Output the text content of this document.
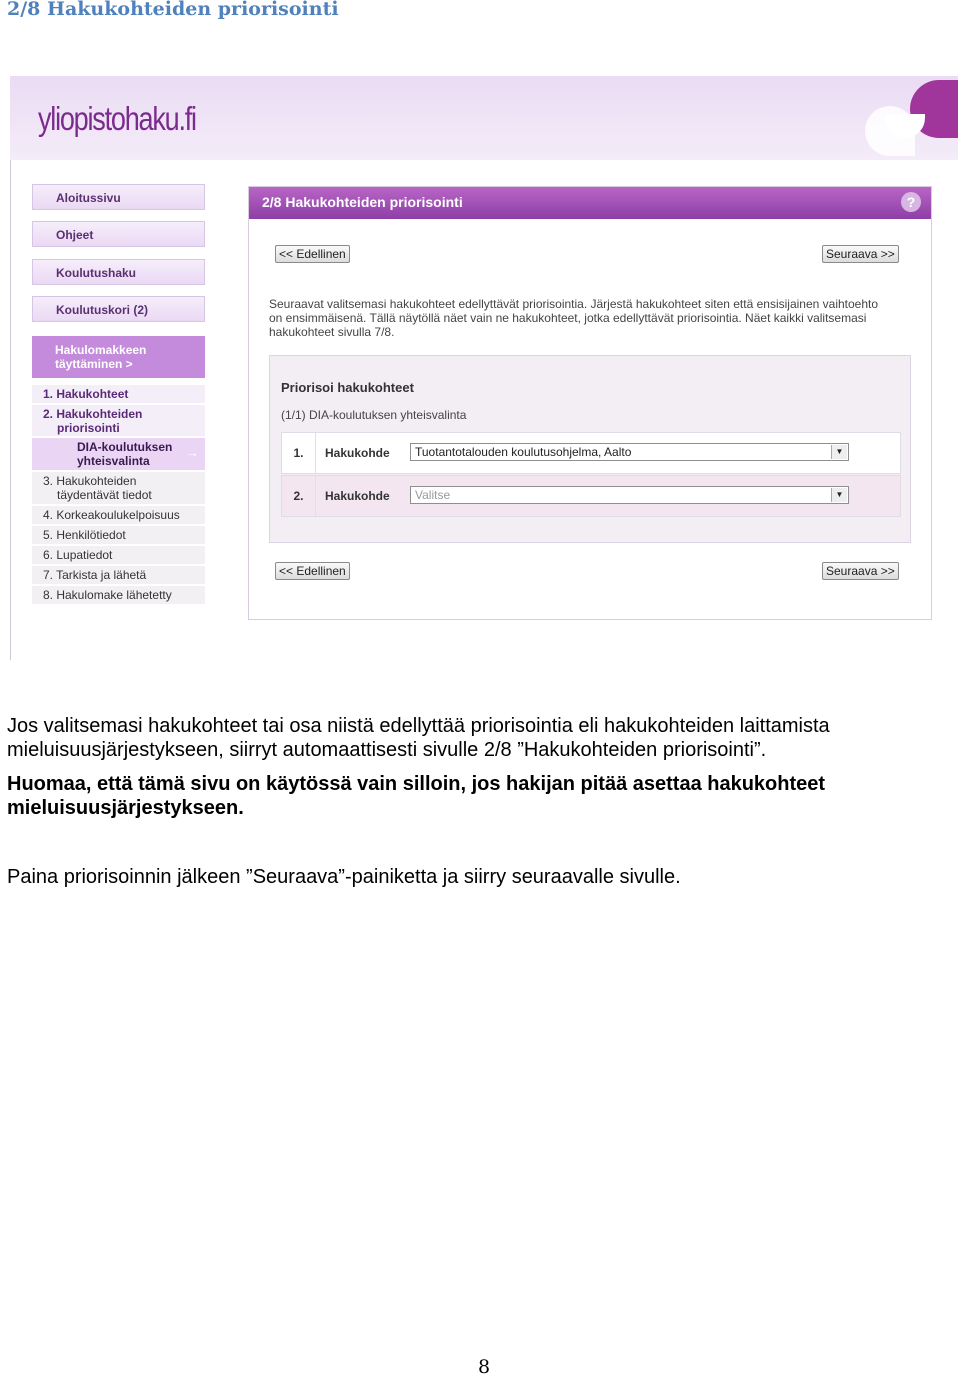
2/8 Hakukohteiden priorisointi
yliopistohaku.fi
Aloitussivu
Ohjeet
Koulutushaku
Koulutuskori (2)
Hakulomakkeen
täyttäminen >
1. Hakukohteet
2. Hakukohteiden
priorisointi
DIA-koulutuksen
yhteisvalinta
→
3. Hakukohteiden
täydentävät tiedot
4. Korkeakoulukelpoisuus
5. Henkilötiedot
6. Lupatiedot
7. Tarkista ja lähetä
8. Hakulomake lähetetty
2/8 Hakukohteiden priorisointi	?
<< Edellinen	Seuraava >>
Seuraavat valitsemasi hakukohteet edellyttävät priorisointia. Järjestä hakukohteet siten että ensisijainen vaihtoehto
on ensimmäisenä. Tällä näytöllä näet vain ne hakukohteet, jotka edellyttävät priorisointia. Näet kaikki valitsemasi
hakukohteet sivulla 7/8.
Priorisoi hakukohteet
(1/1) DIA-koulutuksen yhteisvalinta
1.	Hakukohde	Tuotantotalouden koulutusohjelma, Aalto	▼
2.	Hakukohde	Valitse	▼
<< Edellinen	Seuraava >>
Jos valitsemasi hakukohteet tai osa niistä edellyttää priorisointia eli hakukohteiden laittamista
mieluisuusjärjestykseen, siirryt automaattisesti sivulle 2/8 ”Hakukohteiden priorisointi”.
Huomaa, että tämä sivu on käytössä vain silloin, jos hakijan pitää asettaa hakukohteet
mieluisuusjärjestykseen.
Paina priorisoinnin jälkeen ”Seuraava”-painiketta ja siirry seuraavalle sivulle.
8
